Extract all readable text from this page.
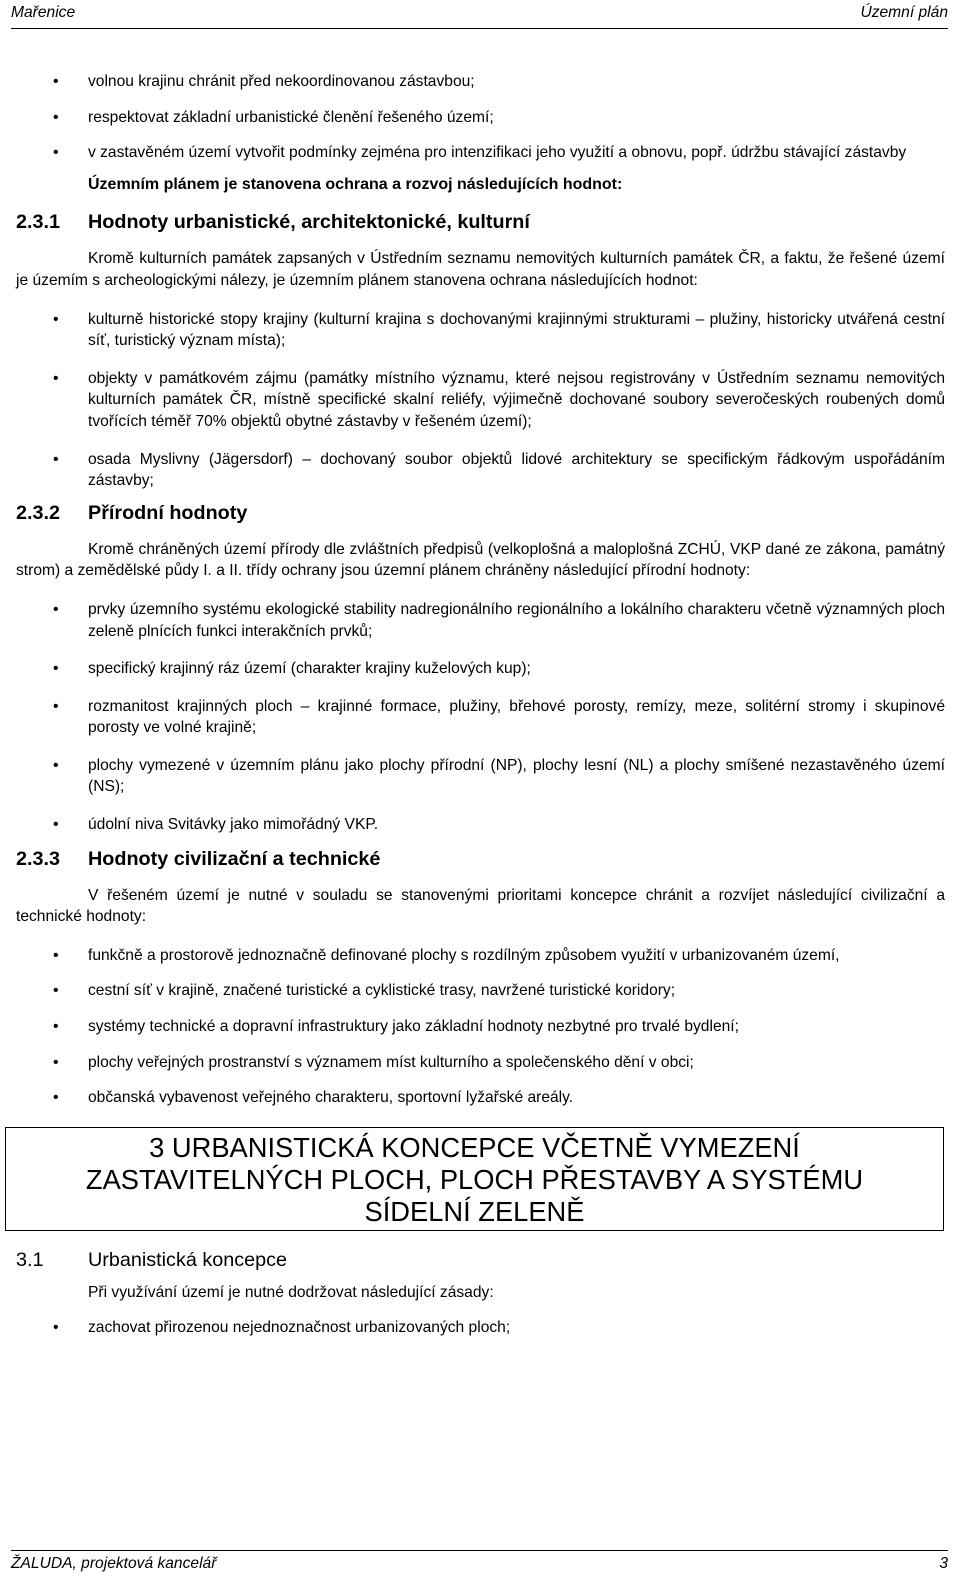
Mařenice	Územní plán
• volnou krajinu chránit před nekoordinovanou zástavbou;
• respektovat základní urbanistické členění řešeného území;
• v zastavěném území vytvořit podmínky zejména pro intenzifikaci jeho využití a obnovu, popř. údržbu stávající zástavby

Územním plánem je stanovena ochrana a rozvoj následujících hodnot:

2.3.1	Hodnoty urbanistické, architektonické, kulturní

Kromě kulturních památek zapsaných v Ústředním seznamu nemovitých kulturních památek ČR, a faktu, že řešené území je územím s archeologickými nálezy, je územním plánem stanovena ochrana následujících hodnot:

• kulturně historické stopy krajiny (kulturní krajina s dochovanými krajinnými strukturami – plužiny, historicky utvářená cestní síť, turistický význam místa);
• objekty v památkovém zájmu (památky místního významu, které nejsou registrovány v Ústředním seznamu nemovitých kulturních památek ČR, místně specifické skalní reliéfy, výjimečně dochované soubory severočeských roubených domů tvořících téměř 70% objektů obytné zástavby v řešeném území);
• osada Myslivny (Jägersdorf) – dochovaný soubor objektů lidové architektury se specifickým řádkovým uspořádáním zástavby;
2.3.2	Přírodní hodnoty

Kromě chráněných území přírody dle zvláštních předpisů (velkoplošná a maloplošná ZCHÚ, VKP dané ze zákona, památný strom) a zemědělské půdy I. a II. třídy ochrany jsou územní plánem chráněny následující přírodní hodnoty:

• prvky územního systému ekologické stability nadregionálního regionálního a lokálního charakteru včetně významných ploch zeleně plnících funkci interakčních prvků;
• specifický krajinný ráz území (charakter krajiny kuželových kup);
• rozmanitost krajinných ploch – krajinné formace, plužiny, břehové porosty, remízy, meze, solitérní stromy i skupinové porosty ve volné krajině;
• plochy vymezené v územním plánu jako plochy přírodní (NP), plochy lesní (NL) a plochy smíšené nezastavěného území (NS);
• údolní niva Svitávky jako mimořádný VKP.
2.3.3	Hodnoty civilizační a technické

V řešeném území je nutné v souladu se stanovenými prioritami koncepce chránit a rozvíjet následující civilizační a technické hodnoty:

• funkčně a prostorově jednoznačně definované plochy s rozdílným způsobem využití v urbanizovaném území,
• cestní síť v krajině, značené turistické a cyklistické trasy, navržené turistické koridory;
• systémy technické a dopravní infrastruktury jako základní hodnoty nezbytné pro trvalé bydlení;
• plochy veřejných prostranství s významem míst kulturního a společenského dění v obci;
• občanská vybavenost veřejného charakteru, sportovní lyžařské areály.
3 URBANISTICKÁ KONCEPCE VČETNĚ VYMEZENÍ
ZASTAVITELNÝCH PLOCH, PLOCH PŘESTAVBY A SYSTÉMU
SÍDELNÍ ZELENĚ
3.1	Urbanistická koncepce

Při využívání území je nutné dodržovat následující zásady:

• zachovat přirozenou nejednoznačnost urbanizovaných ploch;
ŽALUDA, projektová kancelář	3
